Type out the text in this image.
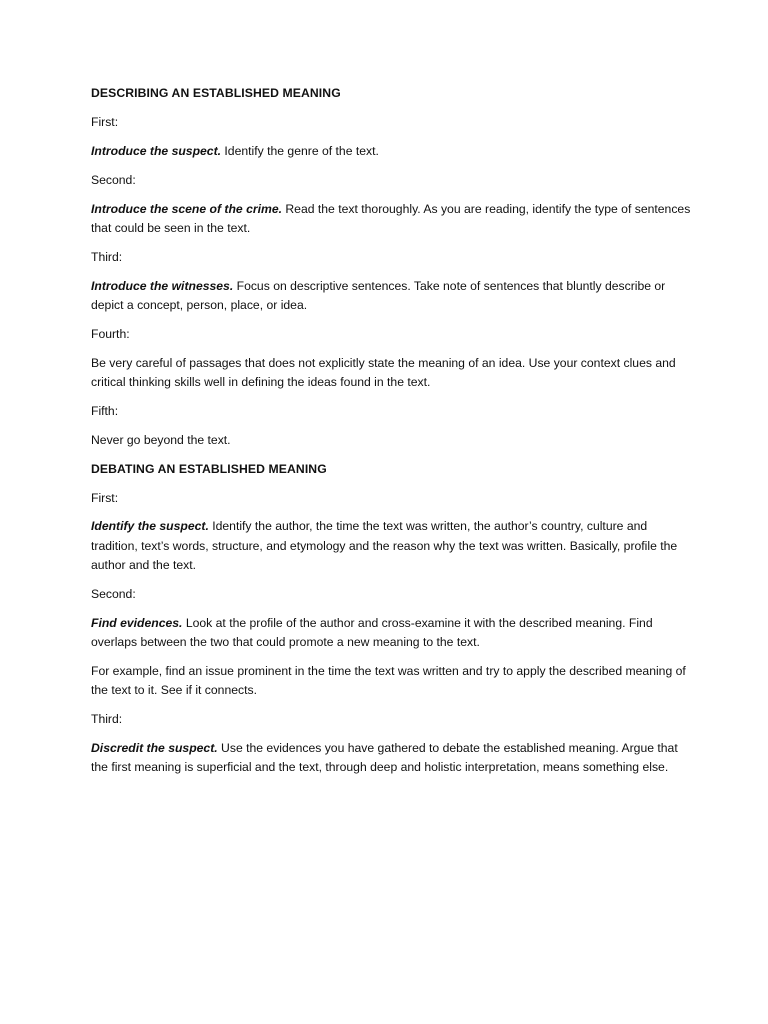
DESCRIBING AN ESTABLISHED MEANING

First:

Introduce the suspect. Identify the genre of the text.

Second:

Introduce the scene of the crime. Read the text thoroughly. As you are reading, identify the type of sentences that could be seen in the text.

Third:

Introduce the witnesses. Focus on descriptive sentences. Take note of sentences that bluntly describe or depict a concept, person, place, or idea.

Fourth:

Be very careful of passages that does not explicitly state the meaning of an idea. Use your context clues and critical thinking skills well in defining the ideas found in the text.

Fifth:

Never go beyond the text.

DEBATING AN ESTABLISHED MEANING

First:

Identify the suspect. Identify the author, the time the text was written, the author’s country, culture and tradition, text’s words, structure, and etymology and the reason why the text was written. Basically, profile the author and the text.

Second:

Find evidences. Look at the profile of the author and cross-examine it with the described meaning. Find overlaps between the two that could promote a new meaning to the text.

For example, find an issue prominent in the time the text was written and try to apply the described meaning of the text to it. See if it connects.

Third:

Discredit the suspect. Use the evidences you have gathered to debate the established meaning. Argue that the first meaning is superficial and the text, through deep and holistic interpretation, means something else.
